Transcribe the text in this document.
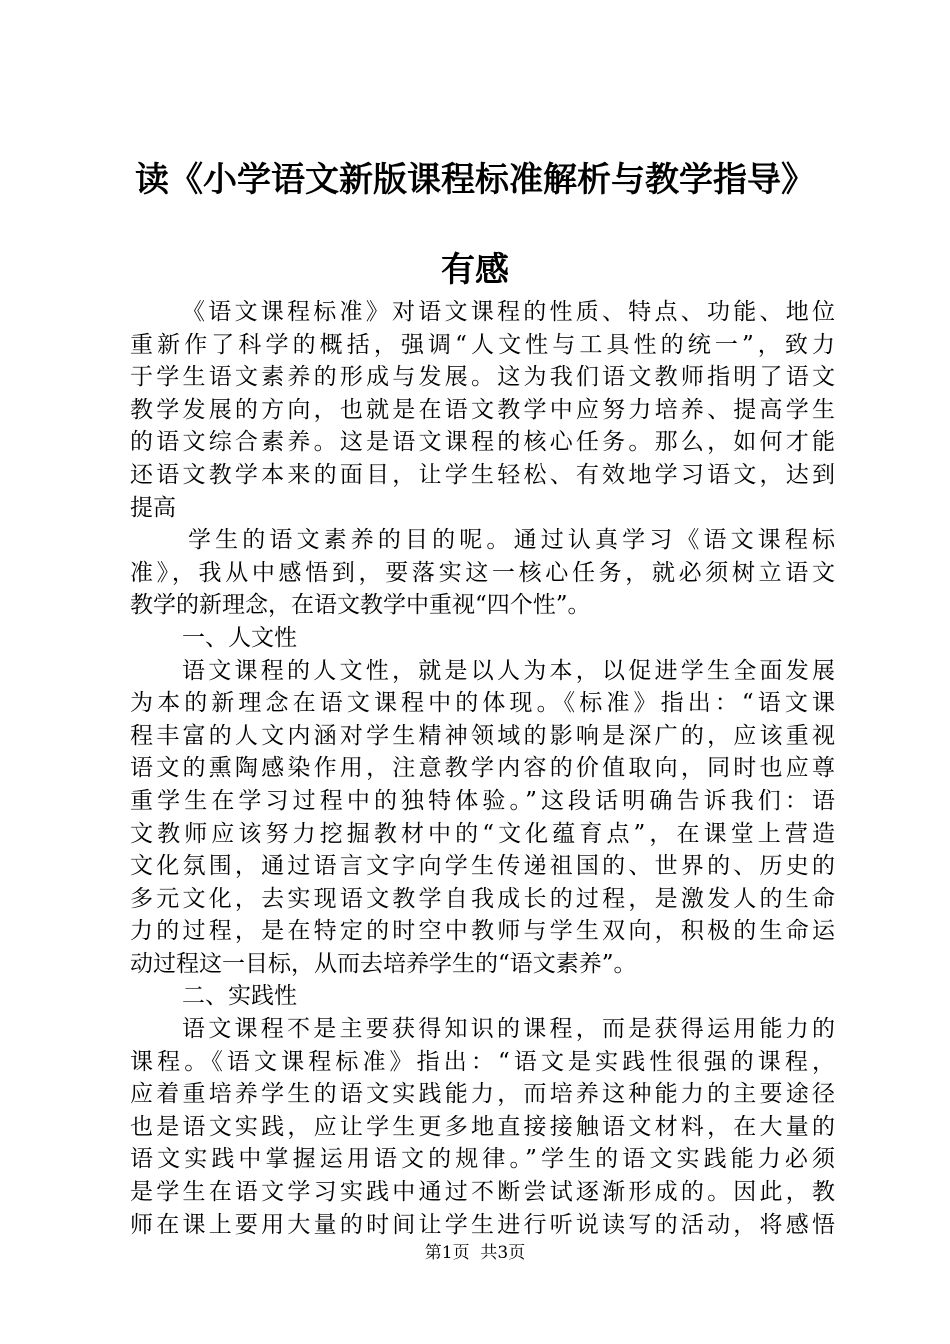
读《小学语文新版课程标准解析与教学指导》
有感
《语文课程标准》对语文课程的性质、特点、功能、地位
重新作了科学的概括，强调“人文性与工具性的统一”，致力
于学生语文素养的形成与发展。这为我们语文教师指明了语文
教学发展的方向，也就是在语文教学中应努力培养、提高学生
的语文综合素养。这是语文课程的核心任务。那么，如何才能
还语文教学本来的面目，让学生轻松、有效地学习语文，达到
提高
学生的语文素养的目的呢。通过认真学习《语文课程标
准》，我从中感悟到，要落实这一核心任务，就必须树立语文
教学的新理念，在语文教学中重视“四个性”。
一、人文性
语文课程的人文性，就是以人为本，以促进学生全面发展
为本的新理念在语文课程中的体现。《标准》指出：“语文课
程丰富的人文内涵对学生精神领域的影响是深广的，应该重视
语文的熏陶感染作用，注意教学内容的价值取向，同时也应尊
重学生在学习过程中的独特体验。”这段话明确告诉我们：语
文教师应该努力挖掘教材中的“文化蕴育点”，在课堂上营造
文化氛围，通过语言文字向学生传递祖国的、世界的、历史的
多元文化，去实现语文教学自我成长的过程，是激发人的生命
力的过程，是在特定的时空中教师与学生双向，积极的生命运
动过程这一目标，从而去培养学生的“语文素养”。
二、实践性
语文课程不是主要获得知识的课程，而是获得运用能力的
课程。《语文课程标准》指出：“语文是实践性很强的课程，
应着重培养学生的语文实践能力，而培养这种能力的主要途径
也是语文实践，应让学生更多地直接接触语文材料，在大量的
语文实践中掌握运用语文的规律。”学生的语文实践能力必须
是学生在语文学习实践中通过不断尝试逐渐形成的。因此，教
师在课上要用大量的时间让学生进行听说读写的活动，将感悟
第1页  共3页
